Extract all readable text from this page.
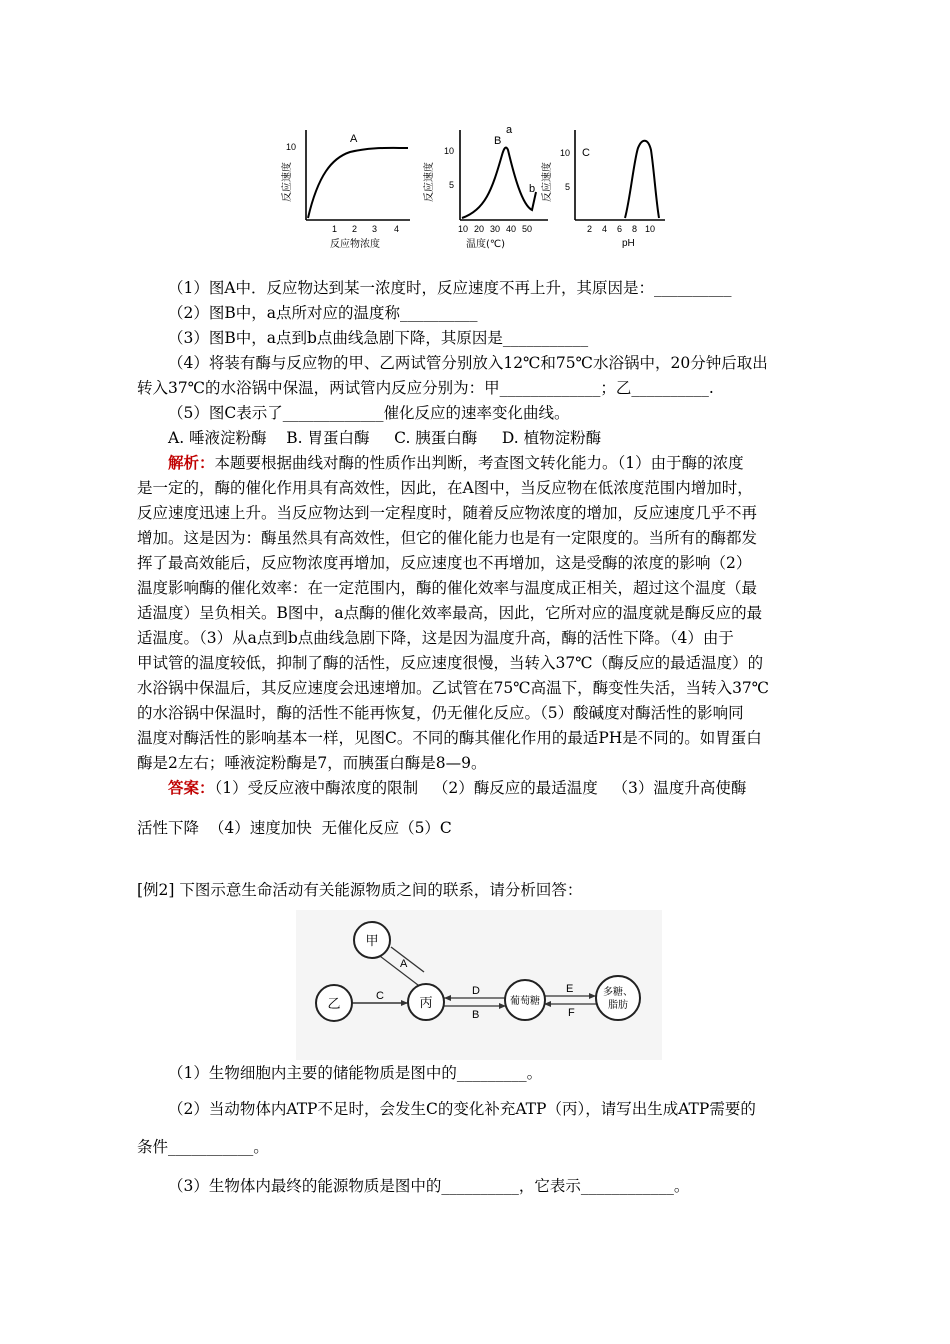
A
10
1 2 3 4
反应物浓度
反应速度
B
a
b
10
5
10 20 30 40 50
温度(℃)
反应速度
C
10
5
2 4 6 8 10
pH
反应速度
（1）图A中．反应物达到某一浓度时，反应速度不再上升，其原因是：__________
（2）图B中，a点所对应的温度称__________
（3）图B中，a点到b点曲线急剧下降，其原因是___________
（4）将装有酶与反应物的甲、乙两试管分别放入12℃和75℃水浴锅中，20分钟后取出
转入37℃的水浴锅中保温，两试管内反应分别为：甲_____________；乙__________.
（5）图C表示了_____________催化反应的速率变化曲线。
A. 唾液淀粉酶    B. 胃蛋白酶     C. 胰蛋白酶     D. 植物淀粉酶
解析：本题要根据曲线对酶的性质作出判断，考查图文转化能力。（1）由于酶的浓度
是一定的，酶的催化作用具有高效性，因此，在A图中，当反应物在低浓度范围内增加时，
反应速度迅速上升。当反应物达到一定程度时，随着反应物浓度的增加，反应速度几乎不再
增加。这是因为：酶虽然具有高效性，但它的催化能力也是有一定限度的。当所有的酶都发
挥了最高效能后，反应物浓度再增加，反应速度也不再增加，这是受酶的浓度的影响（2）
温度影响酶的催化效率：在一定范围内，酶的催化效率与温度成正相关，超过这个温度（最
适温度）呈负相关。B图中，a点酶的催化效率最高，因此，它所对应的温度就是酶反应的最
适温度。（3）从a点到b点曲线急剧下降，这是因为温度升高，酶的活性下降。（4）由于
甲试管的温度较低，抑制了酶的活性，反应速度很慢，当转入37℃（酶反应的最适温度）的
水浴锅中保温后，其反应速度会迅速增加。乙试管在75℃高温下，酶变性失活，当转入37℃
的水浴锅中保温时，酶的活性不能再恢复，仍无催化反应。（5）酸碱度对酶活性的影响同
温度对酶活性的影响基本一样，见图C。不同的酶其催化作用的最适PH是不同的。如胃蛋白
酶是2左右；唾液淀粉酶是7，而胰蛋白酶是8—9。
答案：（1）受反应液中酶浓度的限制   （2）酶反应的最适温度   （3）温度升高使酶
活性下降  （4）速度加快  无催化反应（5）C
[例2] 下图示意生命活动有关能源物质之间的联系，请分析回答：
甲
乙	丙	葡萄糖
多糖、
脂肪
A
C	D
B
E
F
（1）生物细胞内主要的储能物质是图中的_________。
（2）当动物体内ATP不足时，会发生C的变化补充ATP（丙），请写出生成ATP需要的
条件___________。
（3）生物体内最终的能源物质是图中的__________，它表示____________。
